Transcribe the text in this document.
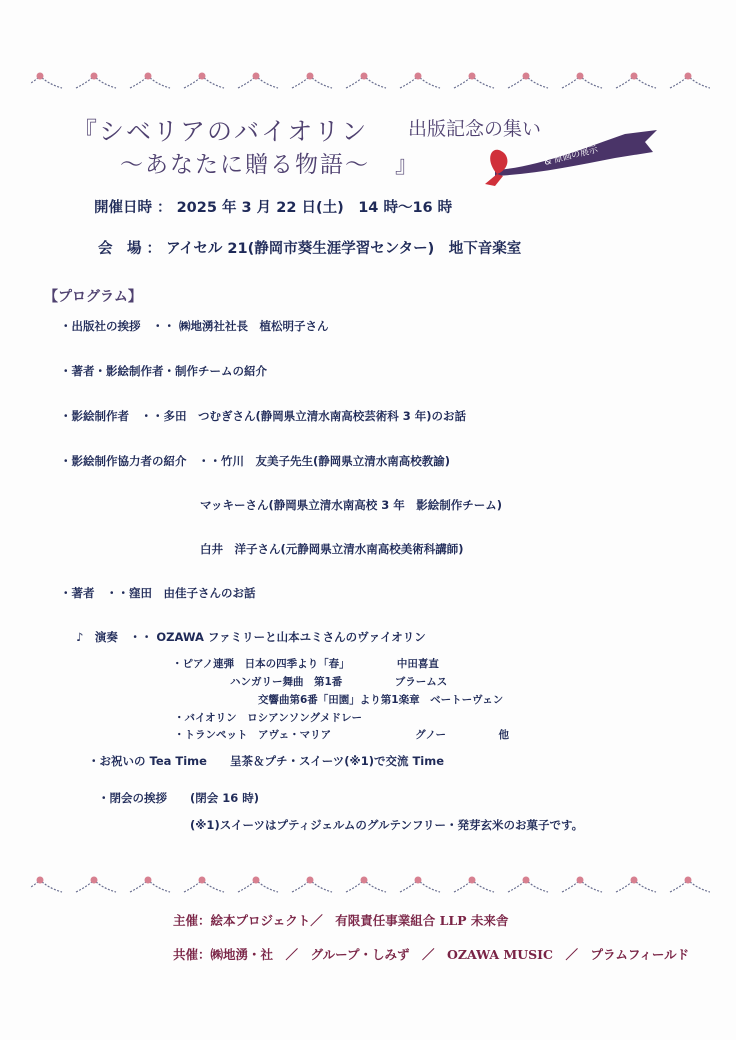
『シベリアのバイオリン 出版記念の集い
〜あなたに贈る物語〜　』	& 原画の展示
開催日時 ： 2025 年 3 月 22 日(土)　14 時〜16 時
会　場 ： アイセル 21(静岡市葵生涯学習センター)　地下音楽室
【プログラム】
・出版社の挨拶　・・ ㈱地湧社社長　植松明子さん
・著者・影絵制作者・制作チームの紹介
・影絵制作者　・・多田　つむぎさん(静岡県立清水南高校芸術科 3 年)のお話
・影絵制作協力者の紹介　・・竹川　友美子先生(静岡県立清水南高校教諭)
マッキーさん(静岡県立清水南高校 3 年　影絵制作チーム)
白井　洋子さん(元静岡県立清水南高校美術科講師)
・著者　・・窪田　由佳子さんのお話
♪　演奏　・・ OZAWA ファミリーと山本ユミさんのヴァイオリン
・ピアノ連弾　日本の四季より「春」　　　　　中田喜直
ハンガリー舞曲　第1番　　　　　ブラームス
交響曲第6番「田園」より第1楽章　ベートーヴェン
・バイオリン　ロシアンソングメドレー
・トランペット　アヴェ・マリア　　　　　　　　グノー　　　　　他
・お祝いの Tea Time　　呈茶＆プチ・スイーツ(※1)で交流 Time
・閉会の挨拶　　(閉会 16 時)
(※1)スイーツはプティジェルムのグルテンフリー・発芽玄米のお菓子です。
主催：絵本プロジェクト／　有限責任事業組合 LLP 未来舎
共催：㈱地湧・社　／　グループ・しみず　／　OZAWA MUSIC　／　プラムフィールド
